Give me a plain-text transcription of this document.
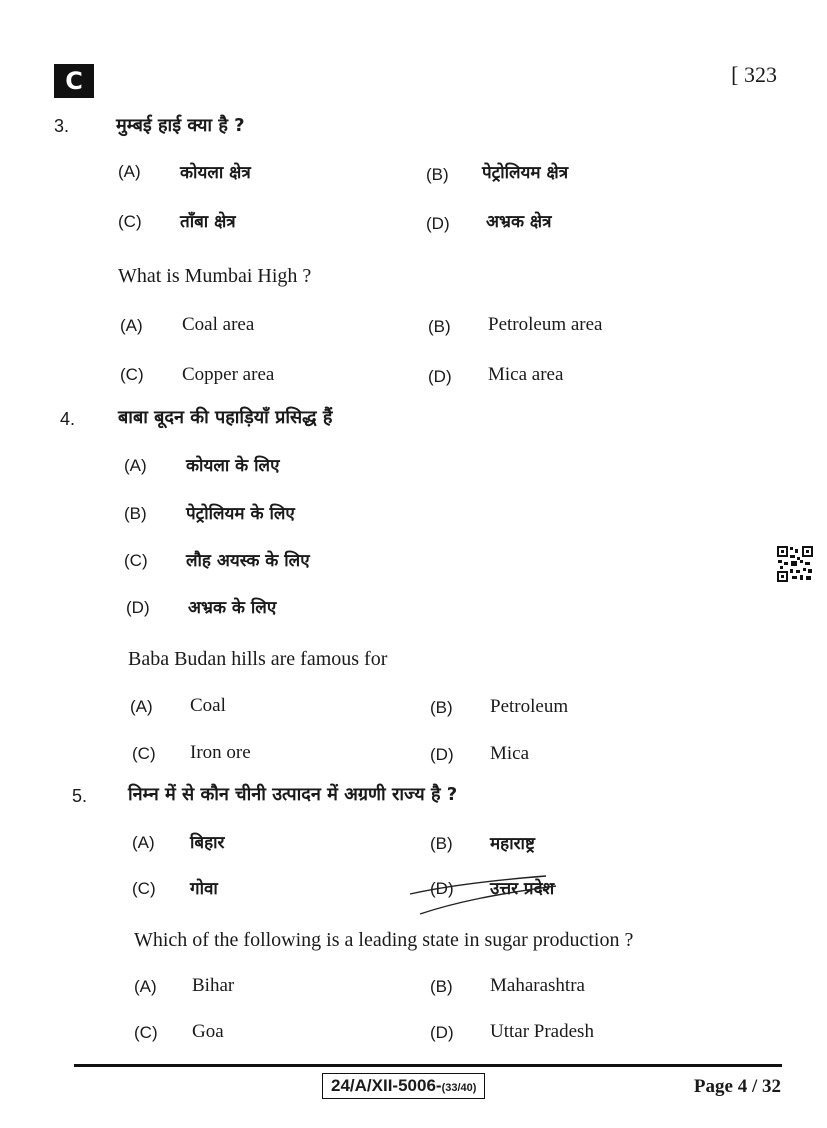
C	[ 323
3.	मुम्बई हाई क्या है ?
(A) कोयला क्षेत्र	(B) पेट्रोलियम क्षेत्र
(C) ताँबा क्षेत्र	(D) अभ्रक क्षेत्र
What is Mumbai High ?
(A) Coal area	(B) Petroleum area
(C) Copper area	(D) Mica area
4. बाबा बूदन की पहाड़ियाँ प्रसिद्ध हैं
(A) कोयला के लिए
(B) पेट्रोलियम के लिए
(C) लौह अयस्क के लिए
(D) अभ्रक के लिए
Baba Budan hills are famous for
(A) Coal	(B) Petroleum
(C) Iron ore	(D) Mica
5. निम्न में से कौन चीनी उत्पादन में अग्रणी राज्य है ?
(A) बिहार	(B) महाराष्ट्र
(C) गोवा	(D) उत्तर प्रदेश
Which of the following is a leading state in sugar production ?
(A) Bihar	(B) Maharashtra
(C) Goa	(D) Uttar Pradesh
24/A/XII-5006-(33/40)	Page 4 / 32
